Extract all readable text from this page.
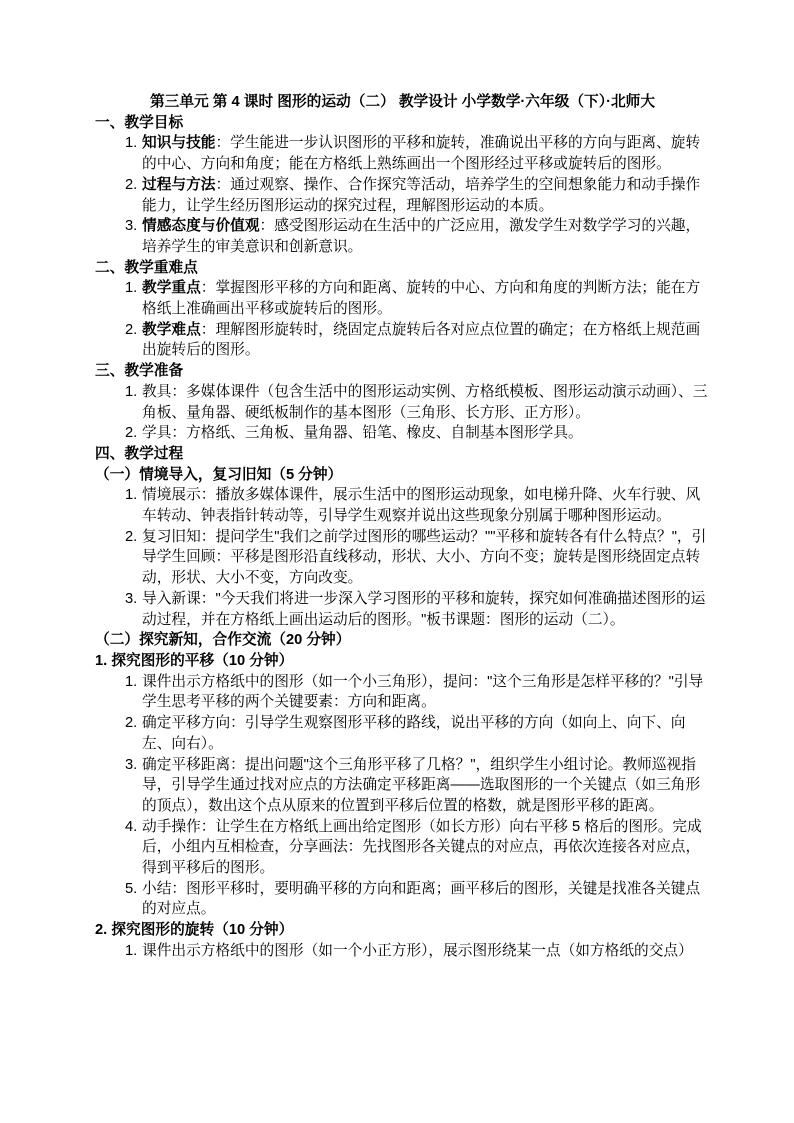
第三单元 第 4 课时 图形的运动（二） 教学设计 小学数学·六年级（下）·北师大
一、教学目标
1. 知识与技能：学生能进一步认识图形的平移和旋转，准确说出平移的方向与距离、旋转的中心、方向和角度；能在方格纸上熟练画出一个图形经过平移或旋转后的图形。
2. 过程与方法：通过观察、操作、合作探究等活动，培养学生的空间想象能力和动手操作能力，让学生经历图形运动的探究过程，理解图形运动的本质。
3. 情感态度与价值观：感受图形运动在生活中的广泛应用，激发学生对数学学习的兴趣，培养学生的审美意识和创新意识。
二、教学重难点
1. 教学重点：掌握图形平移的方向和距离、旋转的中心、方向和角度的判断方法；能在方格纸上准确画出平移或旋转后的图形。
2. 教学难点：理解图形旋转时，绕固定点旋转后各对应点位置的确定；在方格纸上规范画出旋转后的图形。
三、教学准备
1. 教具：多媒体课件（包含生活中的图形运动实例、方格纸模板、图形运动演示动画）、三角板、量角器、硬纸板制作的基本图形（三角形、长方形、正方形）。
2. 学具：方格纸、三角板、量角器、铅笔、橡皮、自制基本图形学具。
四、教学过程
（一）情境导入，复习旧知（5 分钟）
1. 情境展示：播放多媒体课件，展示生活中的图形运动现象，如电梯升降、火车行驶、风车转动、钟表指针转动等，引导学生观察并说出这些现象分别属于哪种图形运动。
2. 复习旧知：提问学生"我们之前学过图形的哪些运动？""平移和旋转各有什么特点？"，引导学生回顾：平移是图形沿直线移动，形状、大小、方向不变；旋转是图形绕固定点转动，形状、大小不变，方向改变。
3. 导入新课："今天我们将进一步深入学习图形的平移和旋转，探究如何准确描述图形的运动过程，并在方格纸上画出运动后的图形。"板书课题：图形的运动（二）。
（二）探究新知，合作交流（20 分钟）
1. 探究图形的平移（10 分钟）
1. 课件出示方格纸中的图形（如一个小三角形），提问："这个三角形是怎样平移的？"引导学生思考平移的两个关键要素：方向和距离。
2. 确定平移方向：引导学生观察图形平移的路线，说出平移的方向（如向上、向下、向左、向右）。
3. 确定平移距离：提出问题"这个三角形平移了几格？"，组织学生小组讨论。教师巡视指导，引导学生通过找对应点的方法确定平移距离——选取图形的一个关键点（如三角形的顶点），数出这个点从原来的位置到平移后位置的格数，就是图形平移的距离。
4. 动手操作：让学生在方格纸上画出给定图形（如长方形）向右平移 5 格后的图形。完成后，小组内互相检查，分享画法：先找图形各关键点的对应点，再依次连接各对应点，得到平移后的图形。
5. 小结：图形平移时，要明确平移的方向和距离；画平移后的图形，关键是找准各关键点的对应点。
2. 探究图形的旋转（10 分钟）
1. 课件出示方格纸中的图形（如一个小正方形），展示图形绕某一点（如方格纸的交点）
